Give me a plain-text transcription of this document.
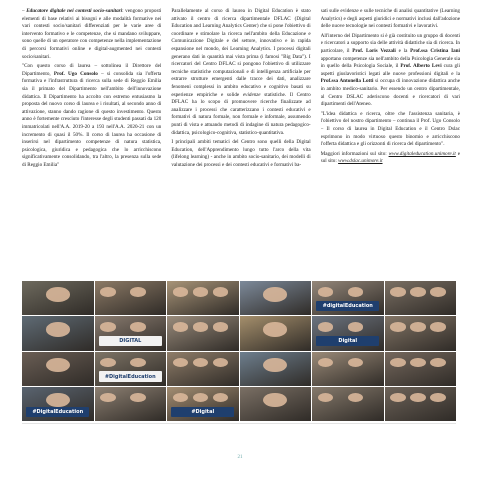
– Educatore digitale nei contesti socio-sanitari: vengono proposti elementi di base relativi ai bisogni e alle modalità formative nei vari contesti socio/sanitari differenziati per le varie aree di intervento formativo e le competenze, che si mandano sviluppare, sono quelle di un operatore con competenze nella implementazione di percorsi formativi online e digital-augmented nei contesti socio/sanitari.

"Con questo corso di laurea – sottolinea il Direttore del Dipartimento, Prof. Ugo Consolo – si consolida sia l'offerta formativa e l'infrastruttura di ricerca sulla sede di Reggio Emilia sia il primato del Dipartimento nell'ambito dell'innovazione didattica. Il Dipartimento ha accolto con estremo entusiasmo la proposta del nuovo corso di laurea e i risultati, al secondo anno di attivazione, stanno dando ragione di questo investimento. Questo anno è fortemente cresciuto l'interesse degli studenti passati da 120 immatricolati nell'A.A. 2019-20 a 193 nell'A.A. 2020-21 con un incremento di quasi il 50%. Il corso di laurea ha occasione di inserirsi nel dipartimento competenze di natura statistica, psicologica, giuridica e pedagogica che lo arricchiscono significativamente consolidando, tra l'altro, la presenza sulla sede di Reggio Emilia"

Parallelamente al corso di laurea in Digital Education è stato attivato il centro di ricerca dipartimentale DFLAC (Digital Education and Learning Analytics Center) che si pone l'obiettivo di coordinare e stimolare la ricerca nell'ambito della Educazione e Comunicazione Digitale e del settore, innovativo e in rapida espansione nel mondo, dei Learning Analytics. I processi digitali generano dati in quantità mai vista prima (i famosi "Big Data"). I ricercatori del Centro DFLAC si pongono l'obiettivo di utilizzare tecniche statistiche computazionali e di intelligenza artificiale per estrarre strutture emergenti dalle tracce dei dati, analizzare fenomeni complessi in ambito educativo e cognitivo basati su esperienze empiriche e solide evidenze statistiche. Il Centro DFLAC ha lo scopo di promuovere ricerche finalizzate ad analizzare i processi che caratterizzano i contesti educativi e formativi di natura formale, non formale e informale, assumendo punti di vista e attuando metodi di indagine di natura pedagogico-didattica, psicologico-cognitiva, statistico-quantitativa.

I principali ambiti tematici del Centro sono quelli della Digital Education, dell'Apprendimento lungo tutto l'arco della vita (lifelong learning) - anche in ambito socio-sanitario, dei modelli di valutazione dei processi e dei contesti educativi e formativi ba-

sati sulle evidenze e sulle tecniche di analisi quantitative (Learning Analytics) e degli aspetti giuridici e normativi inclusi dall'adozione delle nuove tecnologie nei contesti formativi e lavorativi.

All'interno del Dipartimento si è già costituito un gruppo di docenti e ricercatori a supporto sia delle attività didattiche sia di ricerca. In particolare, il Prof. Loris Vezzali e la Prof.ssa Cristina Iani apportano competenze sia nell'ambito della Psicologia Generale sia in quello della Psicologia Sociale, il Prof. Alberto Levi cura gli aspetti giuslavoristici legati alle nuove professioni digitali e la Prof.ssa Antonella Lotti si occupa di innovazione didattica anche in ambito medico-sanitario. Per essendo un centro dipartimentale, al Centro DSLAC aderiscono docenti e ricercatori di vari dipartimenti dell'Ateneo.

"L'idea didattica e ricerca, oltre che l'assistenza sanitaria, è l'obiettivo del nostro dipartimento – continua il Prof. Ugo Consolo – Il corso di laurea in Digital Education e il Centro Dslac esprimono in modo virtuoso questo binomio e arricchiscono l'offerta didattica e gli orizzonti di ricerca del dipartimento".

Maggiori informazioni sul sito: www.digitaleducation.unimore.it e sul sito: www.dslac.unimore.it

#digitalEducation
DIGITAL	Digital
#DigitalEducation
#DigitalEducation	#Digital
21
